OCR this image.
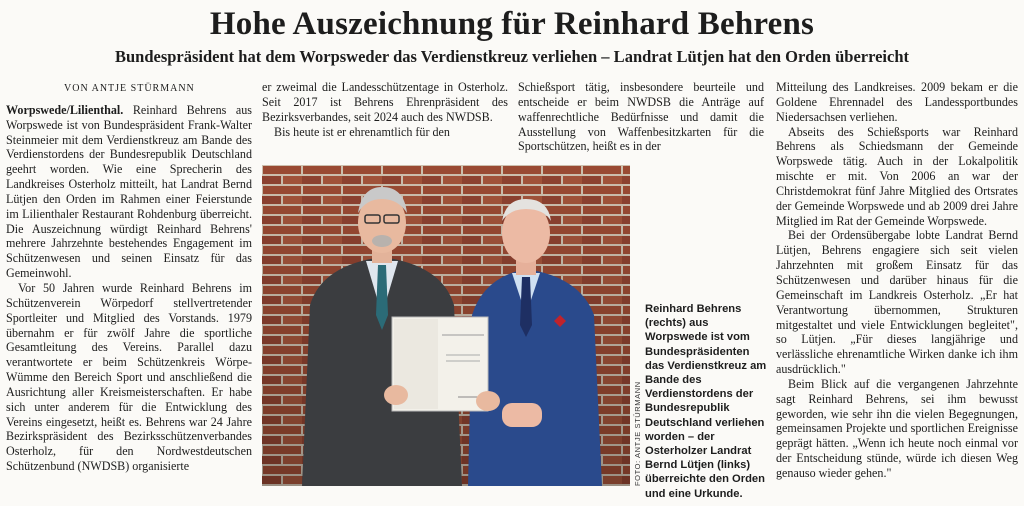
Hohe Auszeichnung für Reinhard Behrens
Bundespräsident hat dem Worpsweder das Verdienstkreuz verliehen – Landrat Lütjen hat den Orden überreicht
VON ANTJE STÜRMANN

Worpswede/Lilienthal. Reinhard Behrens aus Worpswede ist von Bundespräsident Frank-Walter Steinmeier mit dem Verdienstkreuz am Bande des Verdienstordens der Bundesrepublik Deutschland geehrt worden. Wie eine Sprecherin des Landkreises Osterholz mitteilt, hat Landrat Bernd Lütjen den Orden im Rahmen einer Feierstunde im Lilienthaler Restaurant Rohdenburg überreicht. Die Auszeichnung würdigt Reinhard Behrens' mehrere Jahrzehnte bestehendes Engagement im Schützenwesen und seinen Einsatz für das Gemeinwohl.

Vor 50 Jahren wurde Reinhard Behrens im Schützenverein Wörpedorf stellvertretender Sportleiter und Mitglied des Vorstands. 1979 übernahm er für zwölf Jahre die sportliche Gesamtleitung des Vereins. Parallel dazu verantwortete er beim Schützenkreis Wörpe-Wümme den Bereich Sport und anschließend die Ausrichtung aller Kreismeisterschaften. Er habe sich unter anderem für die Entwicklung des Vereins eingesetzt, heißt es. Behrens war 24 Jahre Bezirkspräsident des Bezirksschützenverbandes Osterholz, für den Nordwestdeutschen Schützenbund (NWDSB) organisierte

er zweimal die Landesschützentage in Osterholz. Seit 2017 ist Behrens Ehrenpräsident des Bezirksverbandes, seit 2024 auch des NWDSB.

Bis heute ist er ehrenamtlich für den

Schießsport tätig, insbesondere beurteile und entscheide er beim NWDSB die Anträge auf waffenrechtliche Bedürfnisse und damit die Ausstellung von Waffenbesitzkarten für die Sportschützen, heißt es in der

Mitteilung des Landkreises. 2009 bekam er die Goldene Ehrennadel des Landessportbundes Niedersachsen verliehen.

Abseits des Schießsports war Reinhard Behrens als Schiedsmann der Gemeinde Worpswede tätig. Auch in der Lokalpolitik mischte er mit. Von 2006 an war der Christdemokrat fünf Jahre Mitglied des Ortsrates der Gemeinde Worpswede und ab 2009 drei Jahre Mitglied im Rat der Gemeinde Worpswede.

Bei der Ordensübergabe lobte Landrat Bernd Lütjen, Behrens engagiere sich seit vielen Jahrzehnten mit großem Einsatz für das Schützenwesen und darüber hinaus für die Gemeinschaft im Landkreis Osterholz. „Er hat Verantwortung übernommen, Strukturen mitgestaltet und viele Entwicklungen begleitet", so Lütjen. „Für dieses langjährige und verlässliche ehrenamtliche Wirken danke ich ihm ausdrücklich."

Beim Blick auf die vergangenen Jahrzehnte sagt Reinhard Behrens, sei ihm bewusst geworden, wie sehr ihn die vielen Begegnungen, gemeinsamen Projekte und sportlichen Ereignisse geprägt hätten. „Wenn ich heute noch einmal vor der Entscheidung stünde, würde ich diesen Weg genauso wieder gehen."

Reinhard Behrens (rechts) aus Worpswede ist vom Bundespräsidenten das Verdienstkreuz am Bande des Verdienstordens der Bundesrepublik Deutschland verliehen worden – der Osterholzer Landrat Bernd Lütjen (links) überreichte den Orden und eine Urkunde.
FOTO: ANTJE STÜRMANN
